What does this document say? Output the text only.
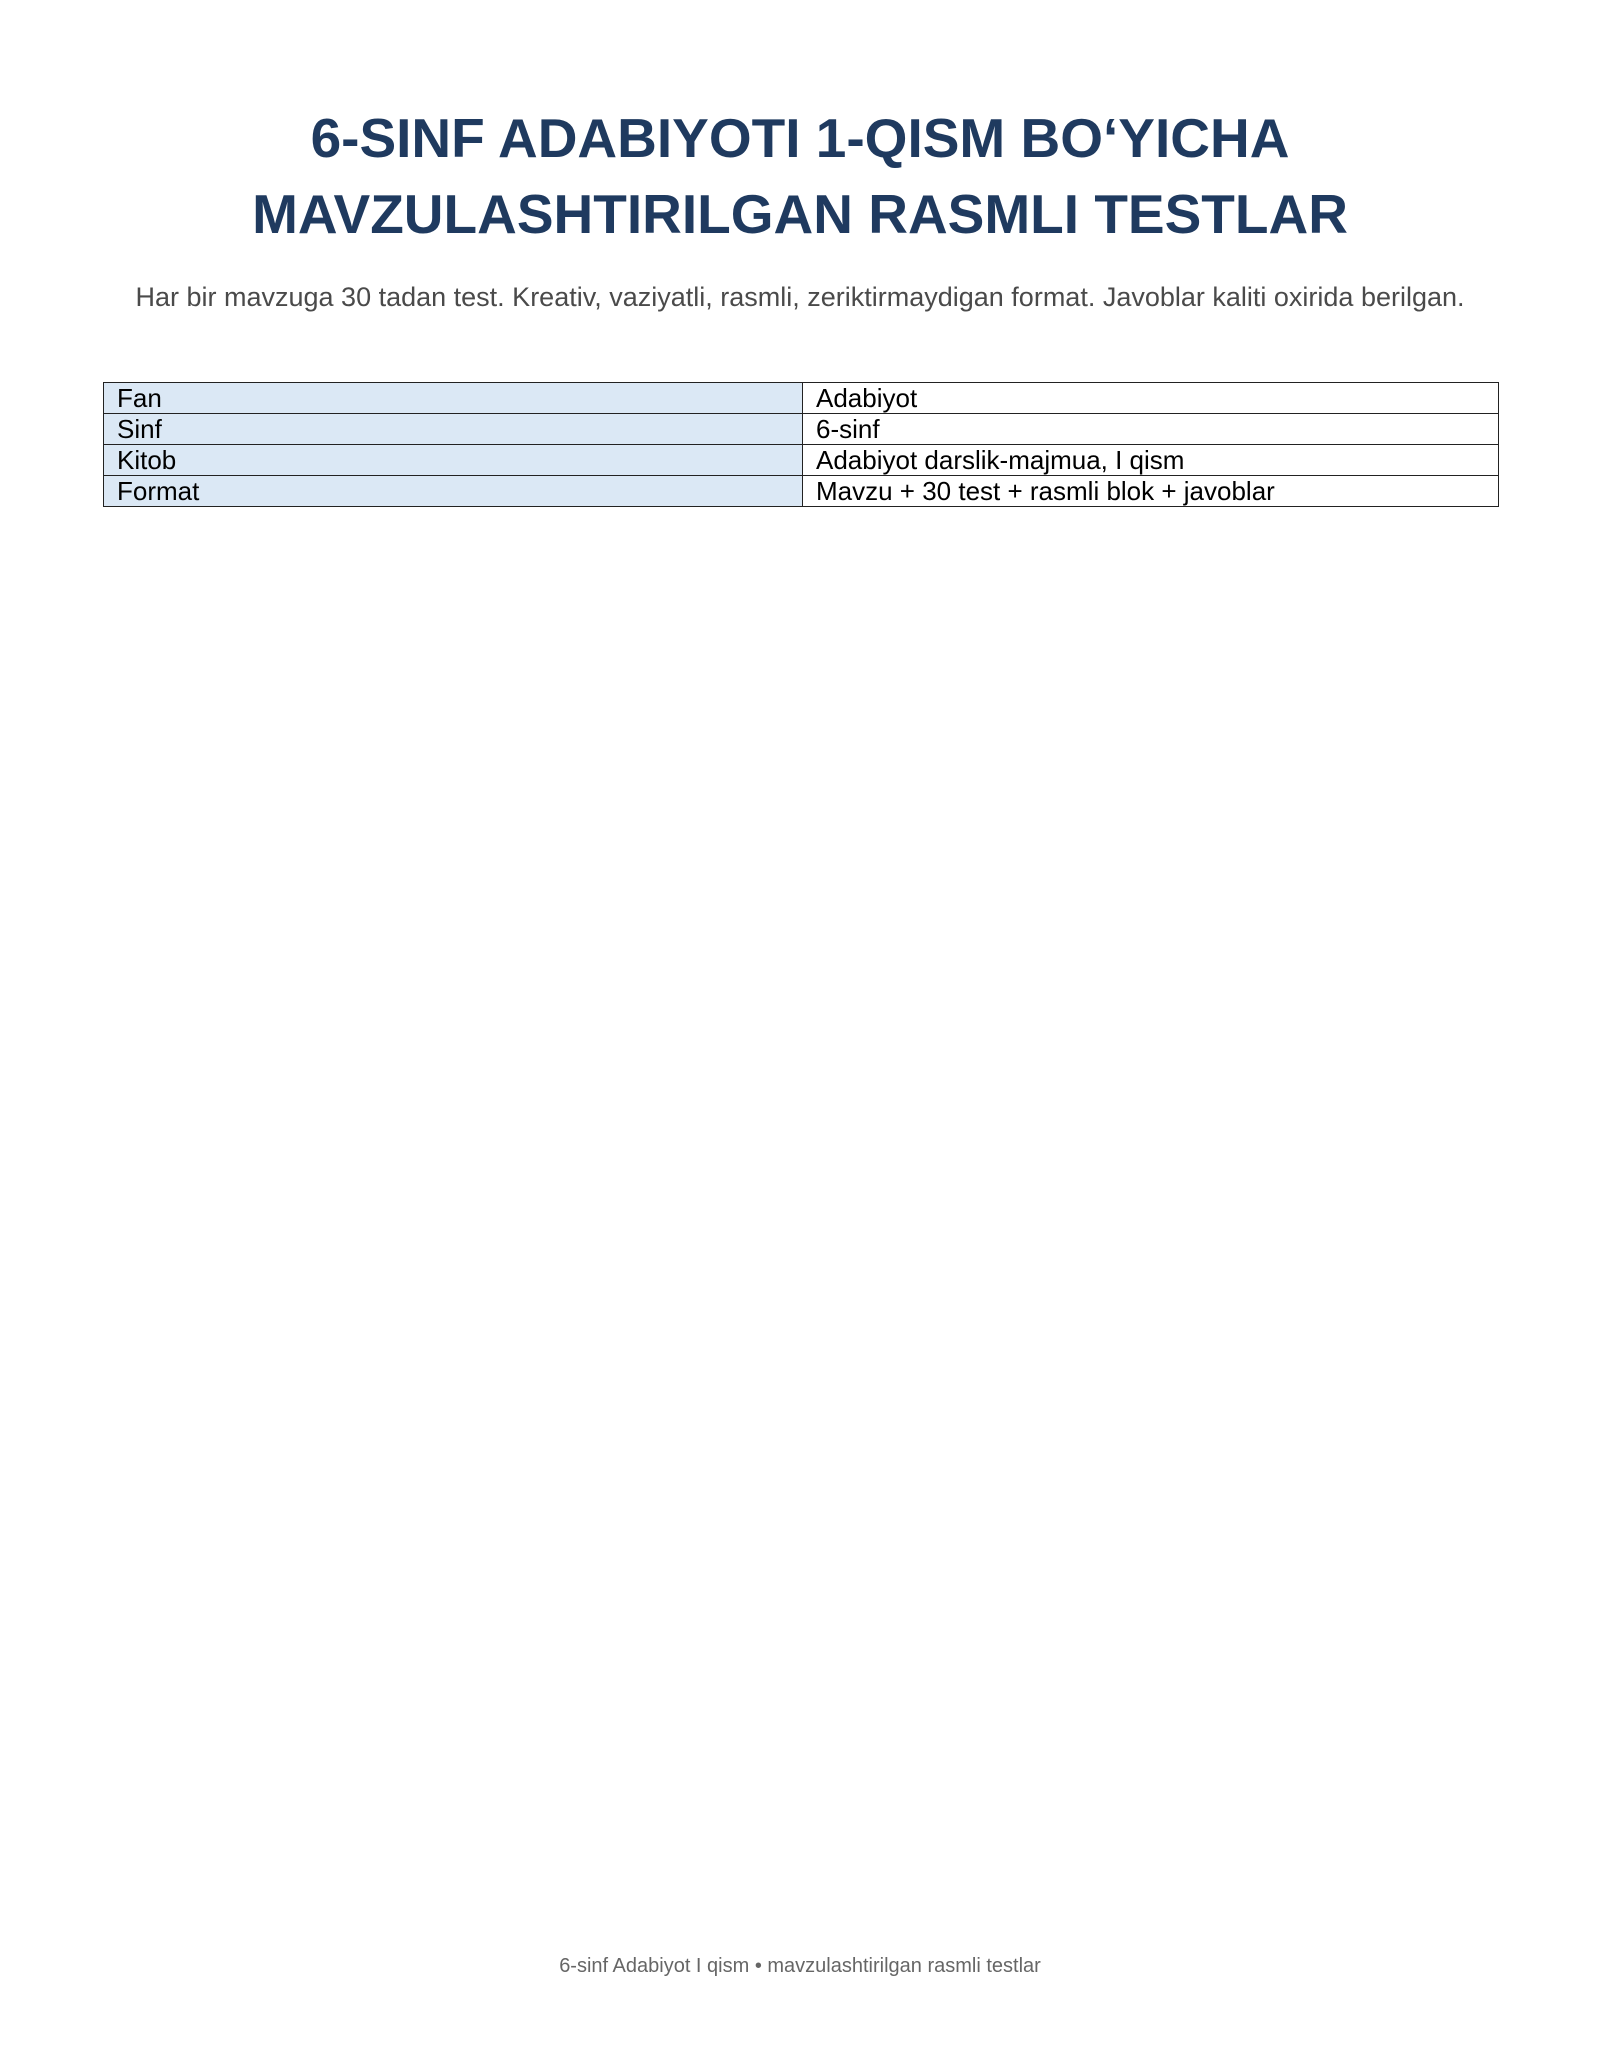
6-SINF ADABIYOTI 1-QISM BO‘YICHA
MAVZULASHTIRILGAN RASMLI TESTLAR

Har bir mavzuga 30 tadan test. Kreativ, vaziyatli, rasmli, zeriktirmaydigan format. Javoblar kaliti oxirida berilgan.

Fan	Adabiyot
Sinf	6-sinf
Kitob	Adabiyot darslik-majmua, I qism
Format	Mavzu + 30 test + rasmli blok + javoblar
6-sinf Adabiyot I qism • mavzulashtirilgan rasmli testlar
